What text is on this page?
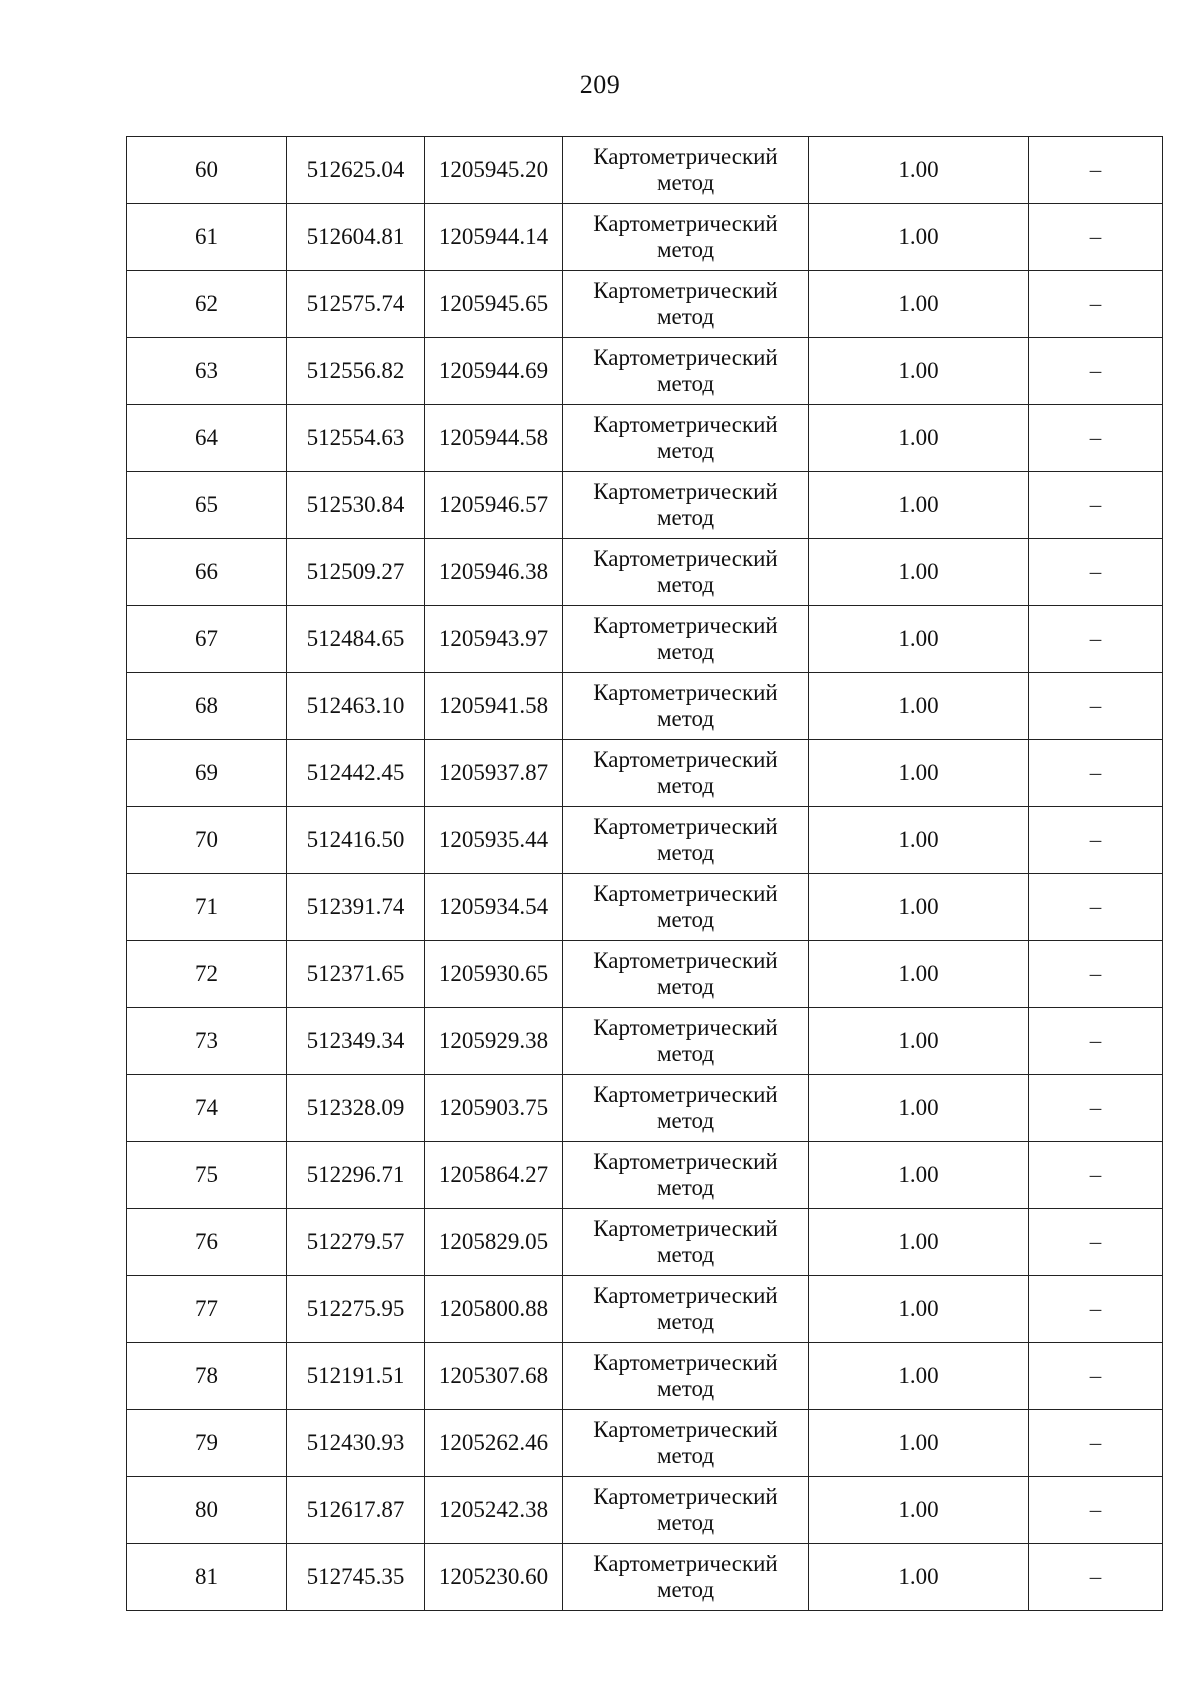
209
60	512625.04	1205945.20	Картометрический метод	1.00	–
61	512604.81	1205944.14	Картометрический метод	1.00	–
62	512575.74	1205945.65	Картометрический метод	1.00	–
63	512556.82	1205944.69	Картометрический метод	1.00	–
64	512554.63	1205944.58	Картометрический метод	1.00	–
65	512530.84	1205946.57	Картометрический метод	1.00	–
66	512509.27	1205946.38	Картометрический метод	1.00	–
67	512484.65	1205943.97	Картометрический метод	1.00	–
68	512463.10	1205941.58	Картометрический метод	1.00	–
69	512442.45	1205937.87	Картометрический метод	1.00	–
70	512416.50	1205935.44	Картометрический метод	1.00	–
71	512391.74	1205934.54	Картометрический метод	1.00	–
72	512371.65	1205930.65	Картометрический метод	1.00	–
73	512349.34	1205929.38	Картометрический метод	1.00	–
74	512328.09	1205903.75	Картометрический метод	1.00	–
75	512296.71	1205864.27	Картометрический метод	1.00	–
76	512279.57	1205829.05	Картометрический метод	1.00	–
77	512275.95	1205800.88	Картометрический метод	1.00	–
78	512191.51	1205307.68	Картометрический метод	1.00	–
79	512430.93	1205262.46	Картометрический метод	1.00	–
80	512617.87	1205242.38	Картометрический метод	1.00	–
81	512745.35	1205230.60	Картометрический метод	1.00	–
